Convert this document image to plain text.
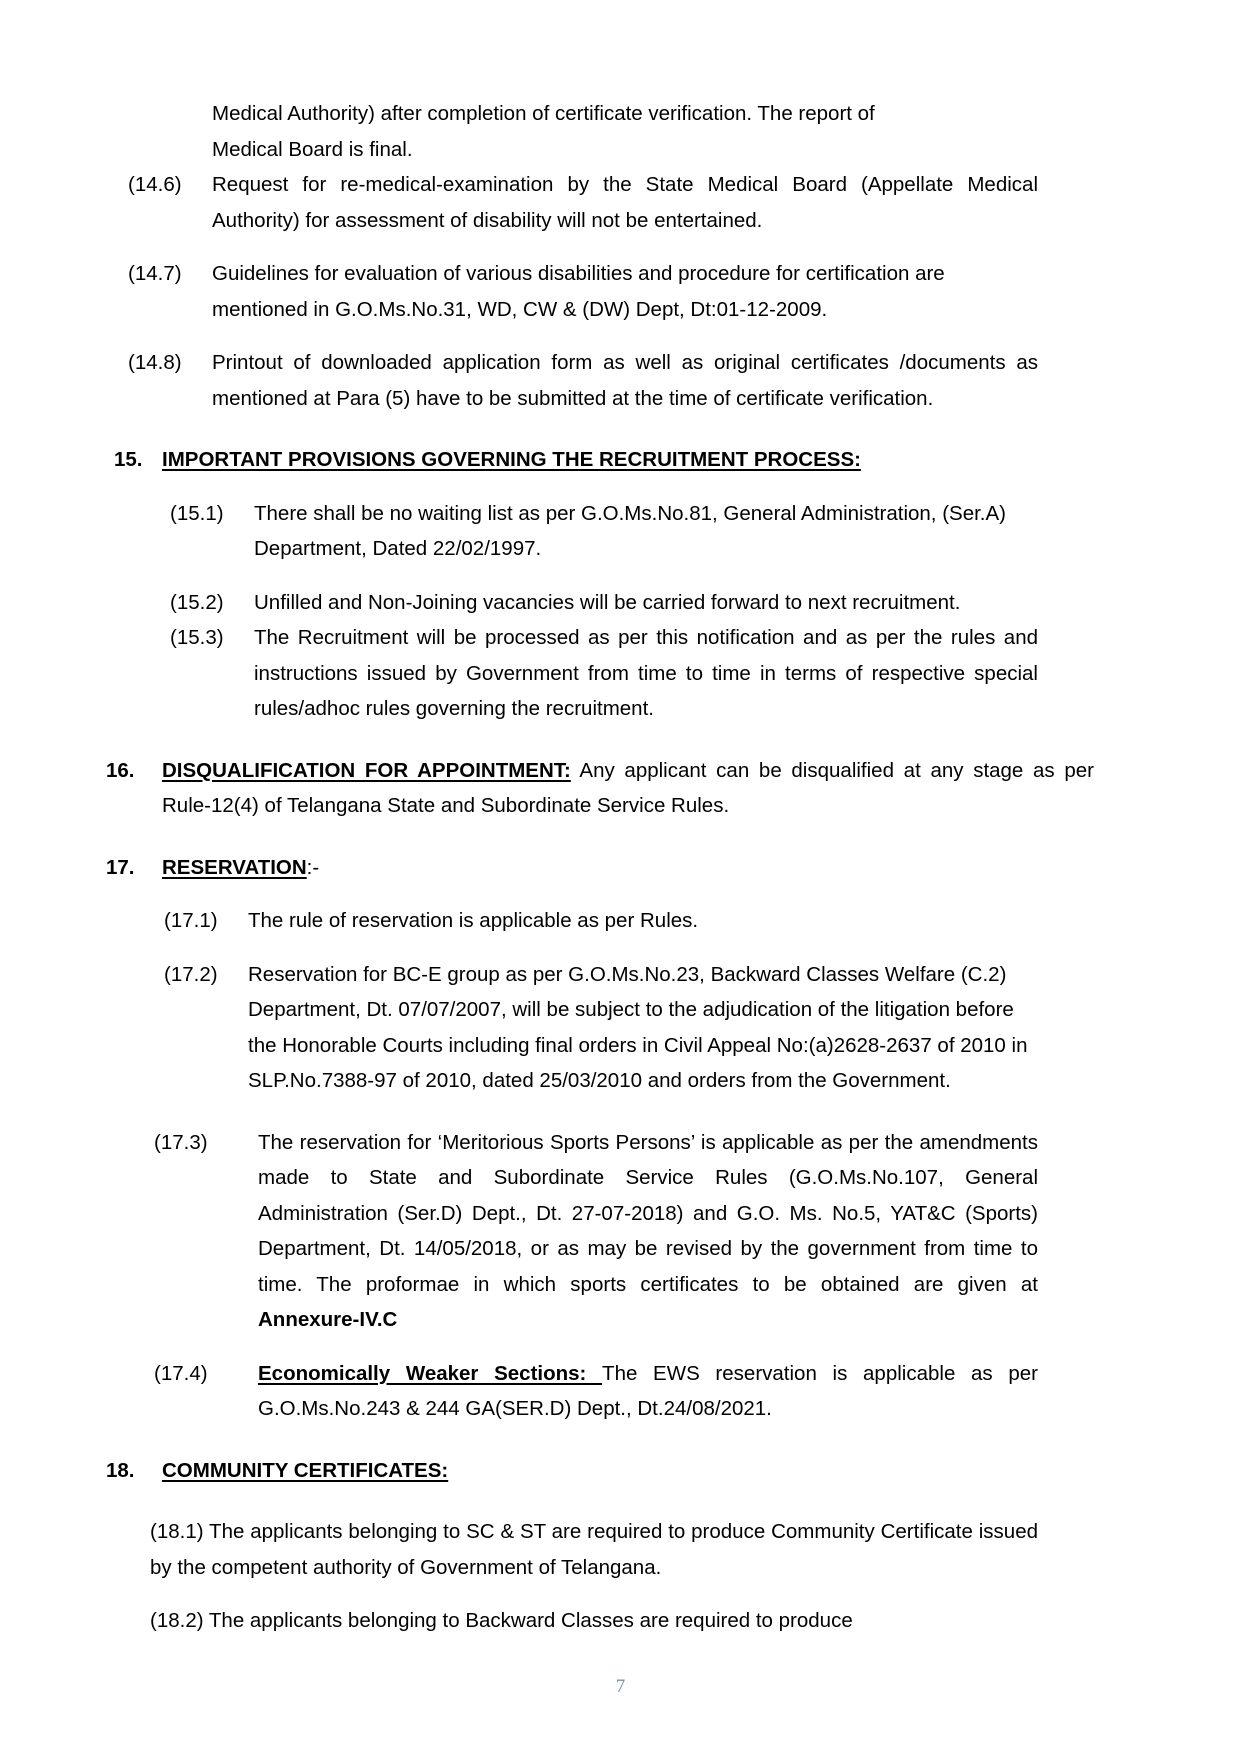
Medical Authority) after completion of certificate verification. The report of
Medical Board is final.
(14.6)	Request for re-medical-examination by the State Medical Board (Appellate Medical Authority) for assessment of disability will not be entertained.
(14.7)	Guidelines for evaluation of various disabilities and procedure for certification are mentioned in G.O.Ms.No.31, WD, CW & (DW) Dept, Dt:01-12-2009.
(14.8)	Printout of downloaded application form as well as original certificates /documents as mentioned at Para (5) have to be submitted at the time of certificate verification.
15. IMPORTANT PROVISIONS GOVERNING THE RECRUITMENT PROCESS:
(15.1)	There shall be no waiting list as per G.O.Ms.No.81, General Administration, (Ser.A) Department, Dated 22/02/1997.
(15.2)	Unfilled and Non-Joining vacancies will be carried forward to next recruitment.
(15.3)	The Recruitment will be processed as per this notification and as per the rules and instructions issued by Government from time to time in terms of respective special rules/adhoc rules governing the recruitment.
16. DISQUALIFICATION FOR APPOINTMENT: Any applicant can be disqualified at any stage as per Rule-12(4) of Telangana State and Subordinate Service Rules.
17. RESERVATION:-
(17.1)	The rule of reservation is applicable as per Rules.
(17.2)	Reservation for BC-E group as per G.O.Ms.No.23, Backward Classes Welfare (C.2) Department, Dt. 07/07/2007, will be subject to the adjudication of the litigation before the Honorable Courts including final orders in Civil Appeal No:(a)2628-2637 of 2010 in SLP.No.7388-97 of 2010, dated 25/03/2010 and orders from the Government.
(17.3)	The reservation for ‘Meritorious Sports Persons’ is applicable as per the amendments made to State and Subordinate Service Rules (G.O.Ms.No.107, General Administration (Ser.D) Dept., Dt. 27-07-2018) and G.O. Ms. No.5, YAT&C (Sports) Department, Dt. 14/05/2018, or as may be revised by the government from time to time. The proformae in which sports certificates to be obtained are given at Annexure-IV.C
(17.4)	Economically Weaker Sections: The EWS reservation is applicable as per G.O.Ms.No.243 & 244 GA(SER.D) Dept., Dt.24/08/2021.
18. COMMUNITY CERTIFICATES:
(18.1) The applicants belonging to SC & ST are required to produce Community Certificate issued by the competent authority of Government of Telangana.
(18.2) The applicants belonging to Backward Classes are required to produce
7
